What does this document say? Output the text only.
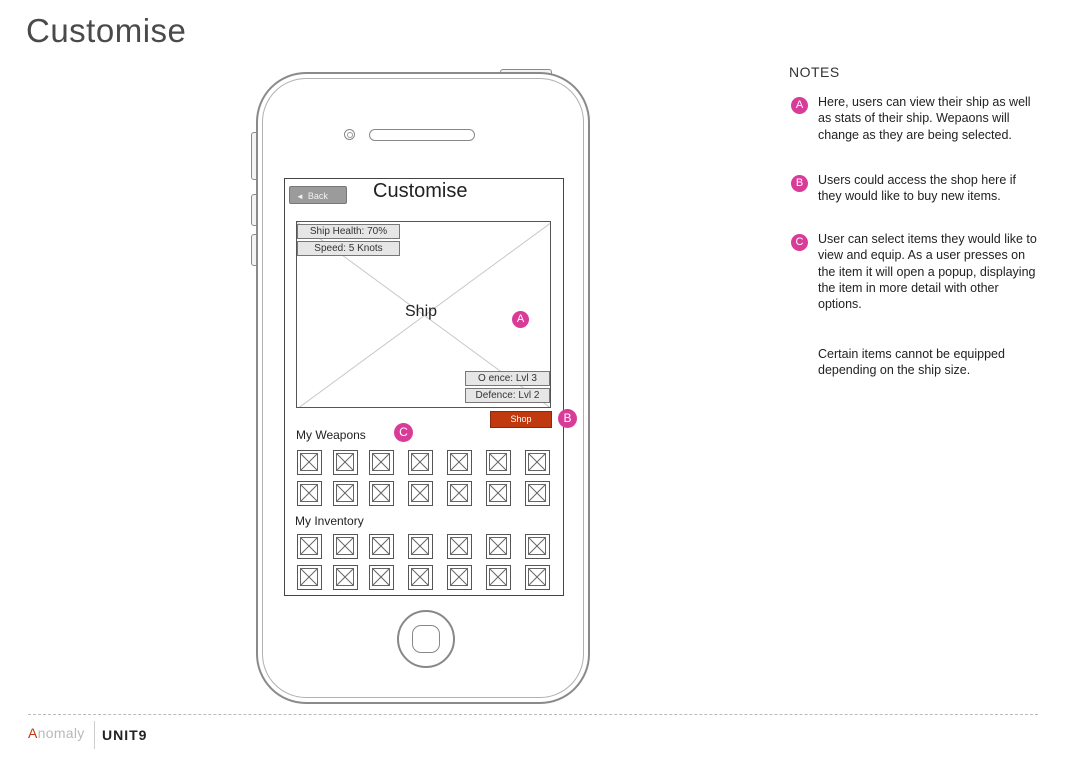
Customise
◄ Back	Customise
Ship
Ship Health: 70%
Speed: 5 Knots
O ence: Lvl 3
Defence: Lvl 2
Shop
My Weapons
My Inventory
A
B
C
NOTES
A	Here, users can view their ship as well as stats of their ship. Wepaons will change as they are being selected.
B	Users could access the shop here if they would like to buy new items.
C	User can select items they would like to view and equip. As a user presses on the item it will open a popup, displaying the item in more detail with other options.
Certain items cannot be equipped depending on the ship size.
Anomaly UNIT9
